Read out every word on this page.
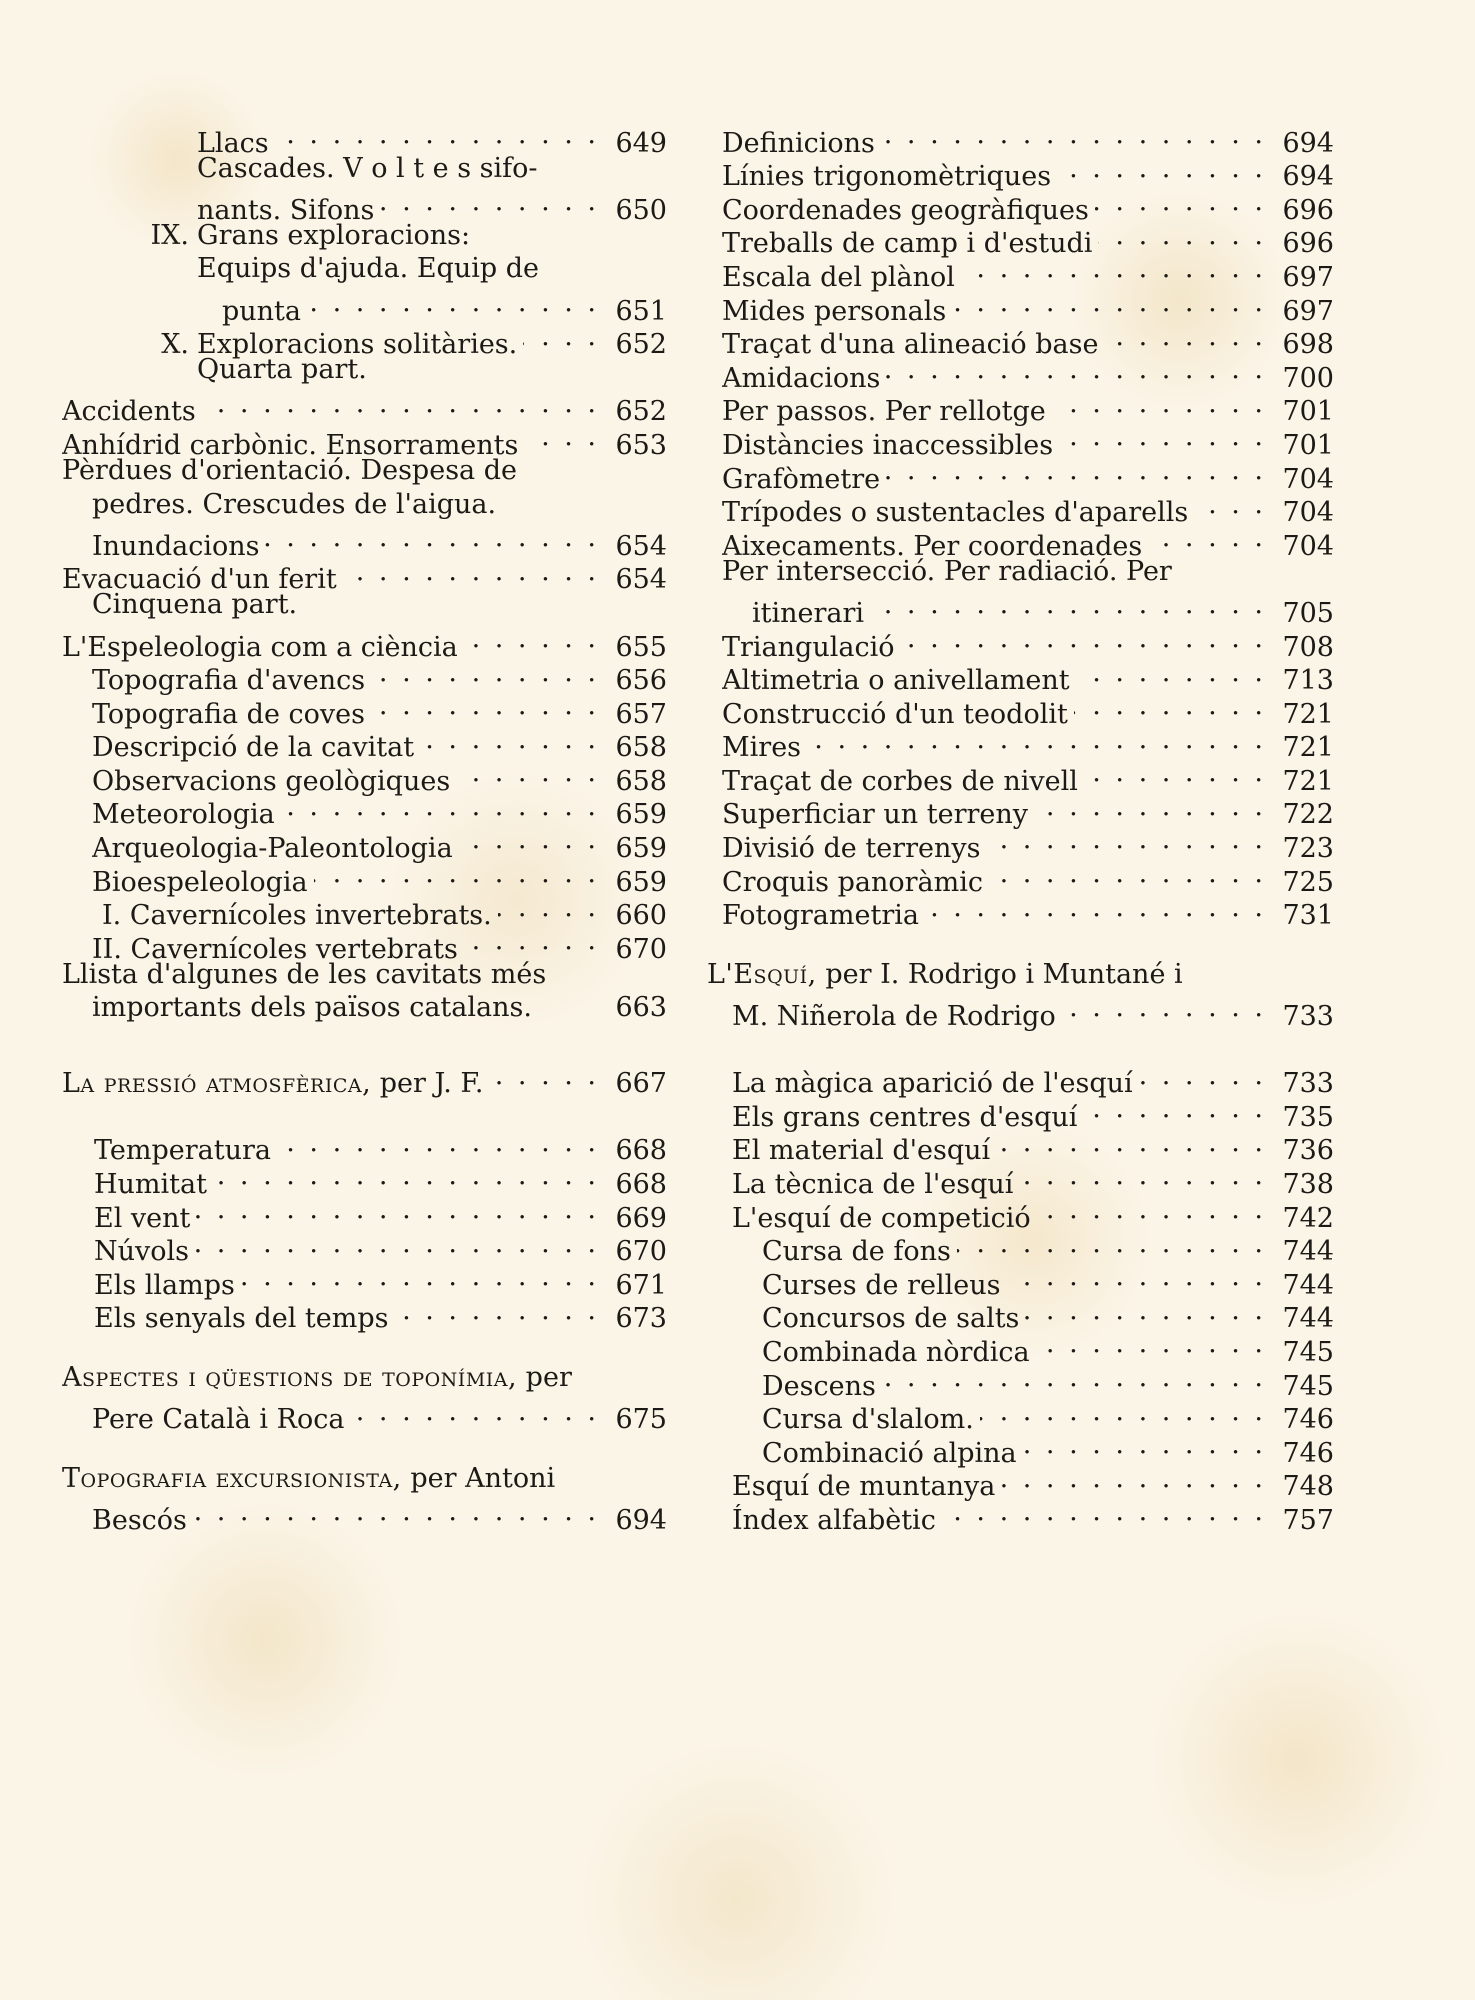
Llacs . . .	649
Cascades. V o l t e s sifo-
nants. Sifons . . .	650
IX. Grans exploracions:
Equips d'ajuda. Equip de
punta . . .	651
X. Exploracions solitàries. . . .	652
Quarta part.
Accidents . . .	652
Anhídrid carbònic. Ensorraments . . .	653
Pèrdues d'orientació. Despesa de
pedres. Crescudes de l'aigua.
Inundacions . . .	654
Evacuació d'un ferit . . .	654
Cinquena part.
L'Espeleologia com a ciència . . .	655
Topografia d'avencs . . .	656
Topografia de coves . . .	657
Descripció de la cavitat . . .	658
Observacions geològiques . . .	658
Meteorologia . . .	659
Arqueologia-Paleontologia . . .	659
Bioespeleologia . . .	659
I. Cavernícoles invertebrats. . . .	660
II. Cavernícoles vertebrats . . .	670
Llista d'algunes de les cavitats més
importants dels països catalans.	663
La pressió atmosfèrica, per J. F. . . .	667
Temperatura . . .	668
Humitat . . .	668
El vent . . .	669
Núvols . . .	670
Els llamps . . .	671
Els senyals del temps . . .	673
Aspectes i qüestions de toponímia, per
Pere Català i Roca . . .	675
Topografia excursionista, per Antoni
Bescós . . .	694
Definicions . . .	694
Línies trigonomètriques . . .	694
Coordenades geogràfiques . . .	696
Treballs de camp i d'estudi . . .	696
Escala del plànol . . .	697
Mides personals . . .	697
Traçat d'una alineació base . . .	698
Amidacions . . .	700
Per passos. Per rellotge . . .	701
Distàncies inaccessibles . . .	701
Grafòmetre . . .	704
Trípodes o sustentacles d'aparells . . .	704
Aixecaments. Per coordenades . . .	704
Per intersecció. Per radiació. Per
itinerari . . .	705
Triangulació . . .	708
Altimetria o anivellament . . .	713
Construcció d'un teodolit . . .	721
Mires . . .	721
Traçat de corbes de nivell . . .	721
Superficiar un terreny . . .	722
Divisió de terrenys . . .	723
Croquis panoràmic . . .	725
Fotogrametria . . .	731
L'Esquí, per I. Rodrigo i Muntané i
M. Niñerola de Rodrigo . . .	733
La màgica aparició de l'esquí . . .	733
Els grans centres d'esquí . . .	735
El material d'esquí . . .	736
La tècnica de l'esquí . . .	738
L'esquí de competició . . .	742
Cursa de fons . . .	744
Curses de relleus . . .	744
Concursos de salts . . .	744
Combinada nòrdica . . .	745
Descens . . .	745
Cursa d'slalom. . . .	746
Combinació alpina . . .	746
Esquí de muntanya . . .	748
Índex alfabètic . . .	757
